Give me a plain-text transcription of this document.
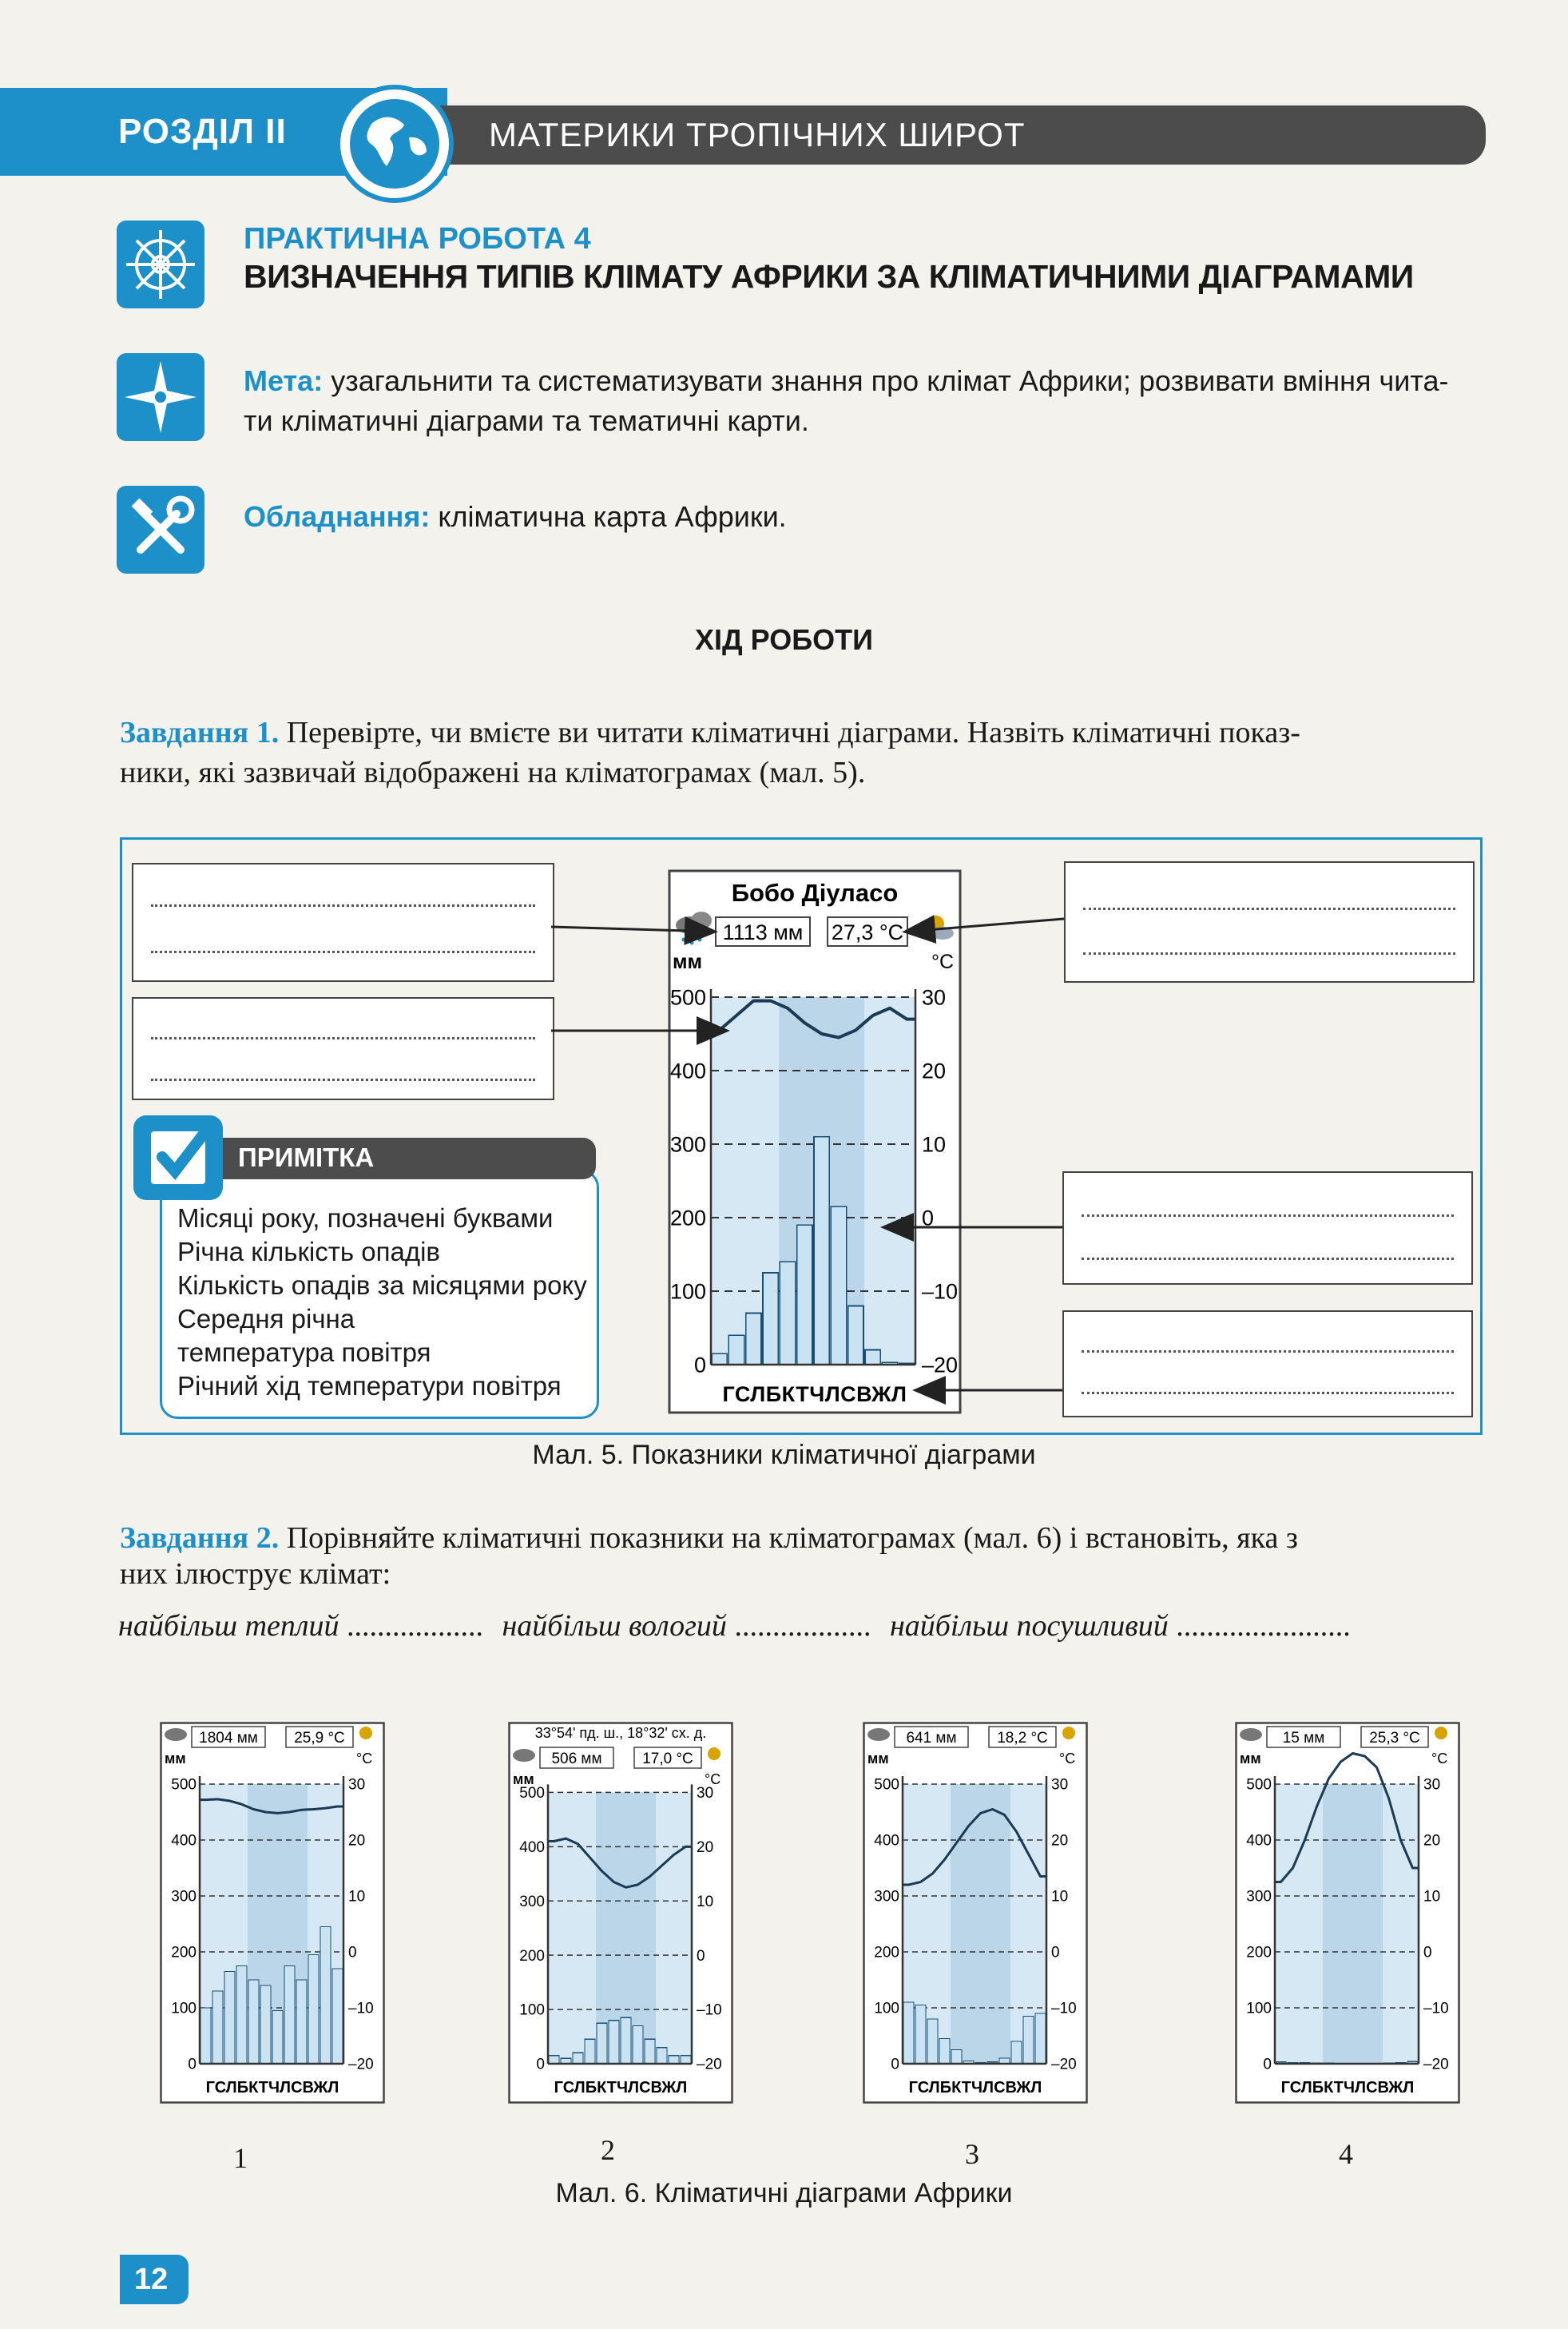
РОЗДІЛ II	МАТЕРИКИ ТРОПІЧНИХ ШИРОТ
ПРАКТИЧНА РОБОТА 4
ВИЗНАЧЕННЯ ТИПІВ КЛІМАТУ АФРИКИ ЗА КЛІМАТИЧНИМИ ДІАГРАМАМИ
Мета: узагальнити та систематизувати знання про клімат Африки; розвивати вміння чита-
ти кліматичні діаграми та тематичні карти.
Обладнання: кліматична карта Африки.
ХІД РОБОТИ
Завдання 1. Перевірте, чи вмієте ви читати кліматичні діаграми. Назвіть кліматичні показ-
ники, які зазвичай відображені на кліматограмах (мал. 5).
ПРИМІТКА
Місяці року, позначені буквами
Річна кількість опадів
Кількість опадів за місяцями року
Середня річна
температура повітря
Річний хід температури повітря
Бобо Діуласо
1113 мм 27,3 °С
мм	°С
0	–20
100	–10
200	0
300	10
400	20
500	30
ГСЛБКТЧЛСВЖЛ
Мал. 5. Показники кліматичної діаграми
Завдання 2. Порівняйте кліматичні показники на кліматограмах (мал. 6) і встановіть, яка з
них ілюструє клімат:
найбільш теплий .................. найбільш вологий .................. найбільш посушливий .......................
1804 мм 25,9 °С
мм	°С
0	–20
100	–10
200	0
300	10
400	20
500	30
ГСЛБКТЧЛСВЖЛ
33°54' пд. ш., 18°32' сх. д.
506 мм	17,0 °С
мм	°С
0	–20
100	–10
200	0
300	10
400	20
500	30
ГСЛБКТЧЛСВЖЛ
641 мм	18,2 °С
мм	°С
0	–20
100	–10
200	0
300	10
400	20
500	30
ГСЛБКТЧЛСВЖЛ
15 мм	25,3 °С
мм	°С
0	–20
100	–10
200	0
300	10
400	20
500	30
ГСЛБКТЧЛСВЖЛ
1	2	3	4
Мал. 6. Кліматичні діаграми Африки
12
